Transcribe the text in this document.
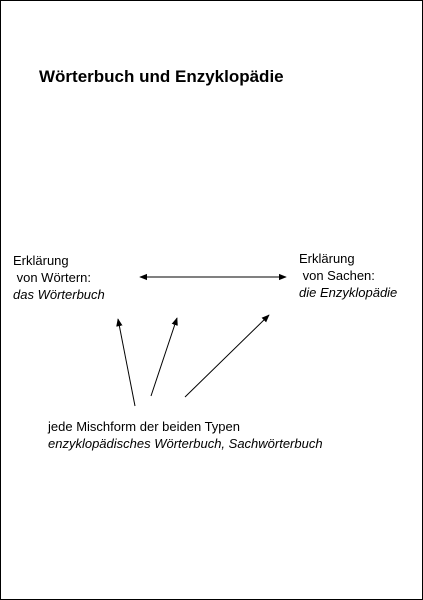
Wörterbuch und Enzyklopädie
Erklärung
von Wörtern:
das Wörterbuch
Erklärung
von Sachen:
die Enzyklopädie
jede Mischform der beiden Typen
enzyklopädisches Wörterbuch, Sachwörterbuch
